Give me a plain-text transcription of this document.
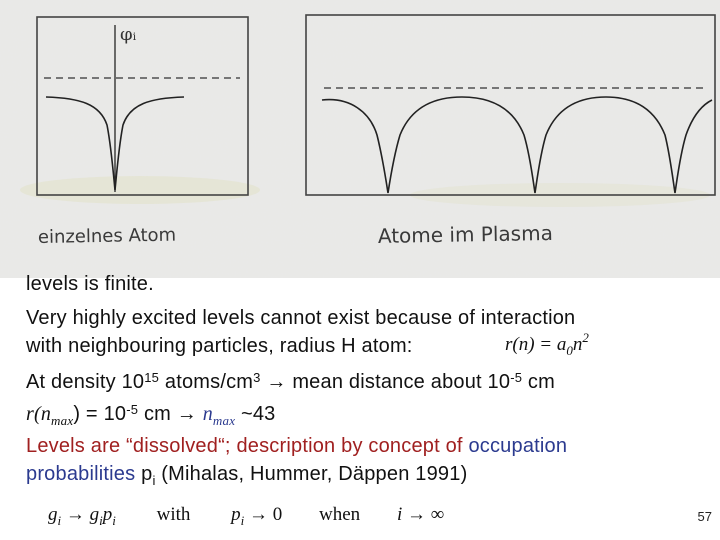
φᵢ
einzelnes Atom	Atome im Plasma
levels is finite.
Very highly excited levels cannot exist because of interaction
with neighbouring particles, radius H atom:	$r(n) = a_0n^2$
At density $10^{15}$ atoms/$cm^3$ → mean distance about $10^{-5}$ cm
$r(n_{max}) = 10^{-5}$ cm → $n_{max}$ ~43
Levels are “dissolved“; description by concept of occupation
probabilities $p_i$ (Mihalas, Hummer, Däppen 1991)
$g_i \to g_ip_i$ with $p_i \to 0$ when i → ∞	57
